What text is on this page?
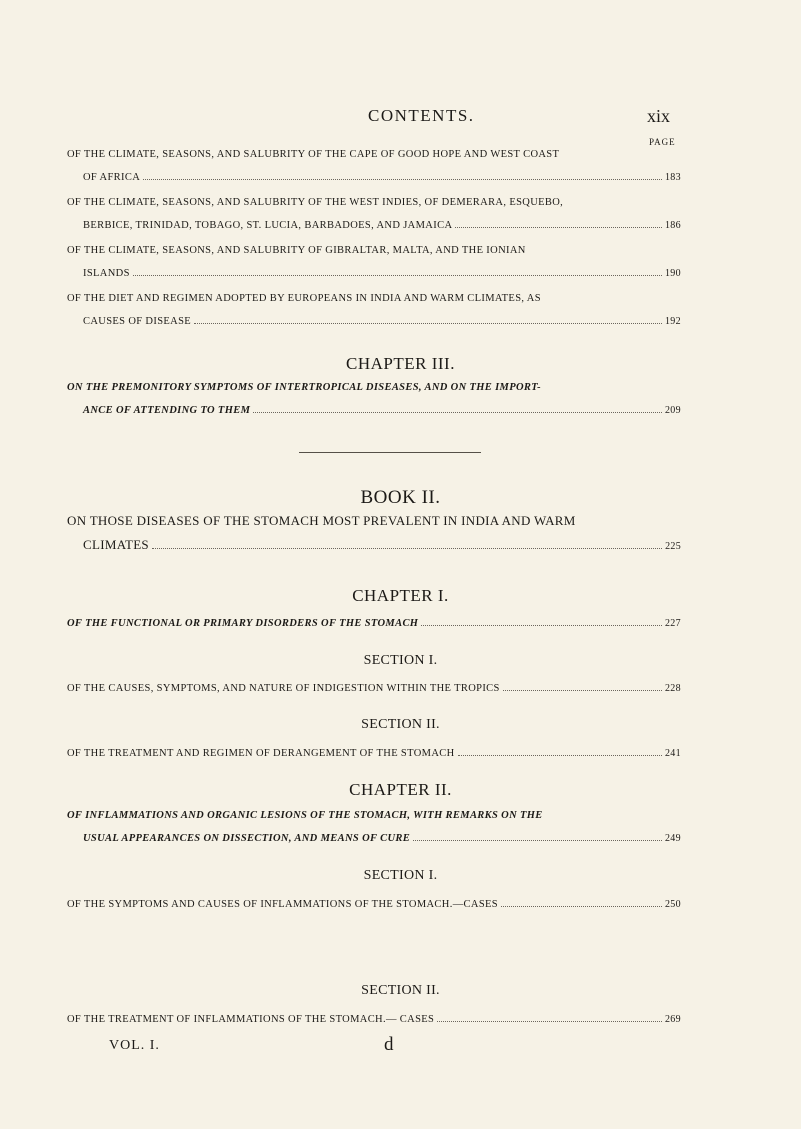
CONTENTS.	xix
PAGE
OF THE CLIMATE, SEASONS, AND SALUBRITY OF THE CAPE OF GOOD HOPE AND WEST COAST
OF AFRICA	183
OF THE CLIMATE, SEASONS, AND SALUBRITY OF THE WEST INDIES, OF DEMERARA, ESQUEBO,
BERBICE, TRINIDAD, TOBAGO, ST. LUCIA, BARBADOES, AND JAMAICA	186
OF THE CLIMATE, SEASONS, AND SALUBRITY OF GIBRALTAR, MALTA, AND THE IONIAN
ISLANDS	190
OF THE DIET AND REGIMEN ADOPTED BY EUROPEANS IN INDIA AND WARM CLIMATES, AS
CAUSES OF DISEASE	192
CHAPTER III.
ON THE PREMONITORY SYMPTOMS OF INTERTROPICAL DISEASES, AND ON THE IMPORT-
ANCE OF ATTENDING TO THEM	209
BOOK II.
ON THOSE DISEASES OF THE STOMACH MOST PREVALENT IN INDIA AND WARM
CLIMATES	225
CHAPTER I.
OF THE FUNCTIONAL OR PRIMARY DISORDERS OF THE STOMACH	227
SECTION I.
OF THE CAUSES, SYMPTOMS, AND NATURE OF INDIGESTION WITHIN THE TROPICS	228
SECTION II.
OF THE TREATMENT AND REGIMEN OF DERANGEMENT OF THE STOMACH	241
CHAPTER II.
OF INFLAMMATIONS AND ORGANIC LESIONS OF THE STOMACH, WITH REMARKS ON THE
USUAL APPEARANCES ON DISSECTION, AND MEANS OF CURE	249
SECTION I.
OF THE SYMPTOMS AND CAUSES OF INFLAMMATIONS OF THE STOMACH.—CASES	250
SECTION II.
OF THE TREATMENT OF INFLAMMATIONS OF THE STOMACH.— CASES	269
VOL. I.	d
